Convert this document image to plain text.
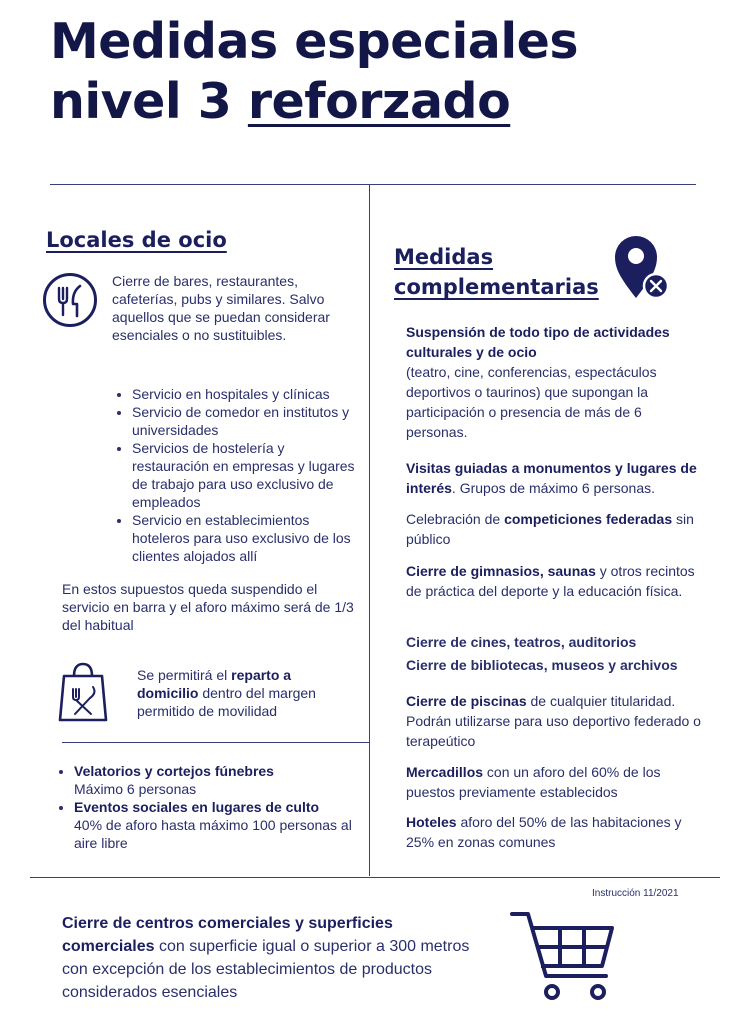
Medidas especiales
nivel 3 reforzado
Locales de ocio
Cierre de bares, restaurantes, cafeterías, pubs y similares. Salvo aquellos que se puedan considerar esenciales o no sustituibles.
• Servicio en hospitales y clínicas
• Servicio de comedor en institutos y universidades
• Servicios de hostelería y restauración en empresas y lugares de trabajo para uso exclusivo de empleados
• Servicio en establecimientos hoteleros para uso exclusivo de los clientes alojados allí
En estos supuestos queda suspendido el servicio en barra y el aforo máximo será de 1/3 del habitual
Se permitirá el reparto a domicilio dentro del margen permitido de movilidad
• Velatorios y cortejos fúnebres
Máximo 6 personas
• Eventos sociales en lugares de culto
40% de aforo hasta máximo 100 personas al aire libre
Medidas
complementarias
Suspensión de todo tipo de actividades culturales y de ocio
(teatro, cine, conferencias, espectáculos deportivos o taurinos) que supongan la participación o presencia de más de 6 personas.
Visitas guiadas a monumentos y lugares de interés. Grupos de máximo 6 personas.
Celebración de competiciones federadas sin público
Cierre de gimnasios, saunas y otros recintos de práctica del deporte y la educación física.
Cierre de cines, teatros, auditorios
Cierre de bibliotecas, museos y archivos
Cierre de piscinas de cualquier titularidad. Podrán utilizarse para uso deportivo federado o terapeútico
Mercadillos con un aforo del 60% de los puestos previamente establecidos
Hoteles aforo del 50% de las habitaciones y 25% en zonas comunes
Instrucción 11/2021
Cierre de centros comerciales y superficies comerciales con superficie igual o superior a 300 metros con excepción de los establecimientos de productos considerados esenciales
